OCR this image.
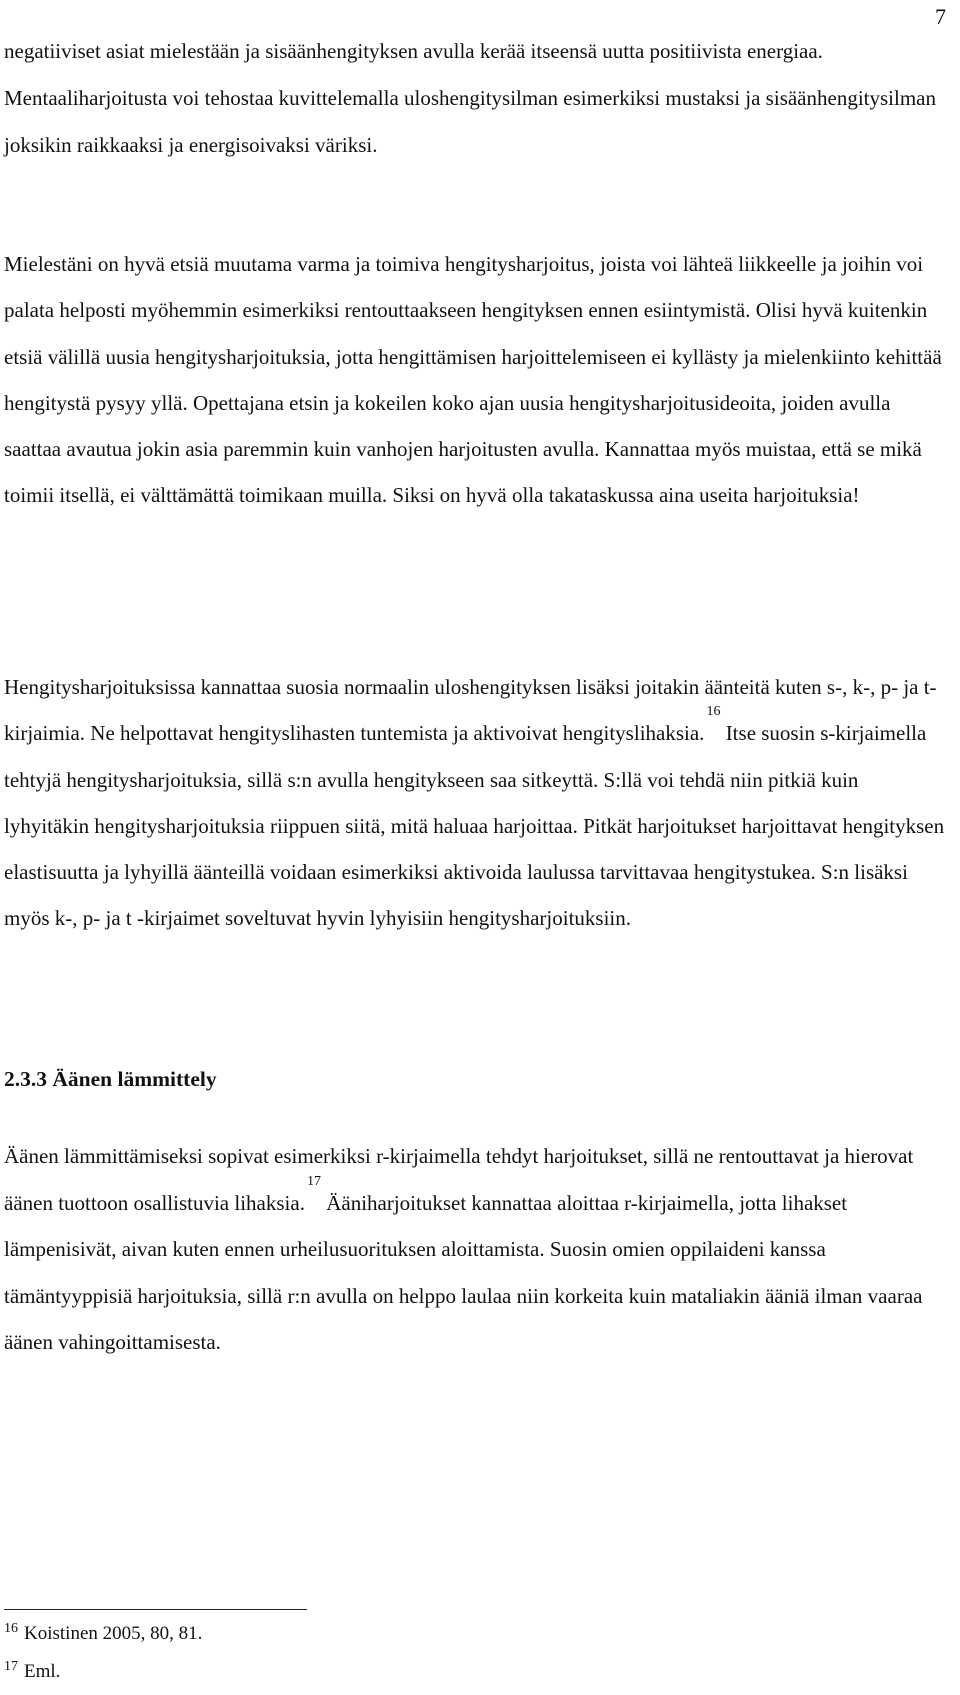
7

negatiiviset asiat mielestään ja sisäänhengityksen avulla kerää itseensä uutta positiivista energiaa. Mentaaliharjoitusta voi tehostaa kuvittelemalla uloshengitysilman esimerkiksi mustaksi ja sisäänhengitysilman joksikin raikkaaksi ja energisoivaksi väriksi.

Mielestäni on hyvä etsiä muutama varma ja toimiva hengitysharjoitus, joista voi lähteä liikkeelle ja joihin voi palata helposti myöhemmin esimerkiksi rentouttaakseen hengityksen ennen esiintymistä. Olisi hyvä kuitenkin etsiä välillä uusia hengitysharjoituksia, jotta hengittämisen harjoittelemiseen ei kyllästy ja mielenkiinto kehittää hengitystä pysyy yllä. Opettajana etsin ja kokeilen koko ajan uusia hengitysharjoitusideoita, joiden avulla saattaa avautua jokin asia paremmin kuin vanhojen harjoitusten avulla. Kannattaa myös muistaa, että se mikä toimii itsellä, ei välttämättä toimikaan muilla. Siksi on hyvä olla takataskussa aina useita harjoituksia!

Hengitysharjoituksissa kannattaa suosia normaalin uloshengityksen lisäksi joitakin äänteitä kuten s-, k-, p- ja t-kirjaimia. Ne helpottavat hengityslihasten tuntemista ja aktivoivat hengityslihaksia.$^{16}$ Itse suosin s-kirjaimella tehtyjä hengitysharjoituksia, sillä s:n avulla hengitykseen saa sitkeyttä. S:llä voi tehdä niin pitkiä kuin lyhyitäkin hengitysharjoituksia riippuen siitä, mitä haluaa harjoittaa. Pitkät harjoitukset harjoittavat hengityksen elastisuutta ja lyhyillä äänteillä voidaan esimerkiksi aktivoida laulussa tarvittavaa hengitystukea. S:n lisäksi myös k-, p- ja t -kirjaimet soveltuvat hyvin lyhyisiin hengitysharjoituksiin.

2.3.3 Äänen lämmittely

Äänen lämmittämiseksi sopivat esimerkiksi r-kirjaimella tehdyt harjoitukset, sillä ne rentouttavat ja hierovat äänen tuottoon osallistuvia lihaksia.$^{17}$ Ääniharjoitukset kannattaa aloittaa r-kirjaimella, jotta lihakset lämpenisivät, aivan kuten ennen urheilusuorituksen aloittamista. Suosin omien oppilaideni kanssa tämäntyyppisiä harjoituksia, sillä r:n avulla on helppo laulaa niin korkeita kuin mataliakin ääniä ilman vaaraa äänen vahingoittamisesta.

$^{16}$ Koistinen 2005, 80, 81.
$^{17}$ Eml.
